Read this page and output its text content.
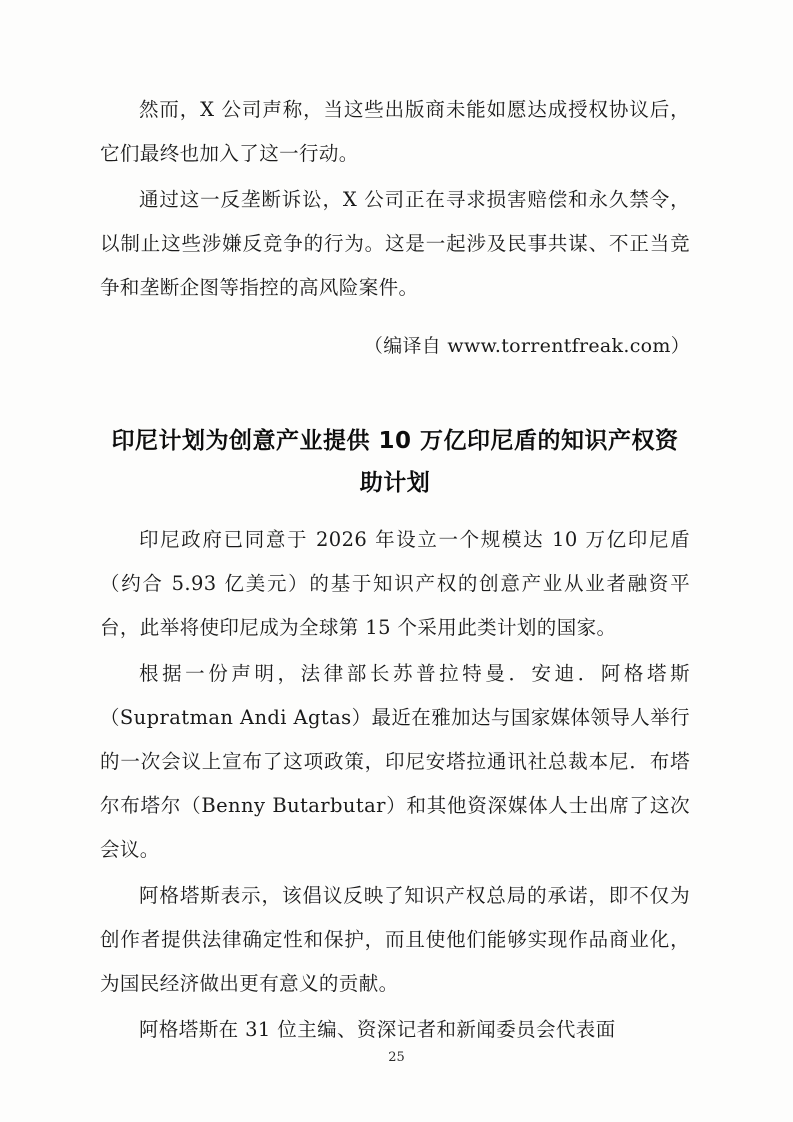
然而，X 公司声称，当这些出版商未能如愿达成授权协议后，它们最终也加入了这一行动。

通过这一反垄断诉讼，X 公司正在寻求损害赔偿和永久禁令，以制止这些涉嫌反竞争的行为。这是一起涉及民事共谋、不正当竞争和垄断企图等指控的高风险案件。

（编译自 www.torrentfreak.com）

印尼计划为创意产业提供 10 万亿印尼盾的知识产权资助计划

印尼政府已同意于 2026 年设立一个规模达 10 万亿印尼盾（约合 5.93 亿美元）的基于知识产权的创意产业从业者融资平台，此举将使印尼成为全球第 15 个采用此类计划的国家。

根据一份声明，法律部长苏普拉特曼．安迪．阿格塔斯（Supratman Andi Agtas）最近在雅加达与国家媒体领导人举行的一次会议上宣布了这项政策，印尼安塔拉通讯社总裁本尼．布塔尔布塔尔（Benny Butarbutar）和其他资深媒体人士出席了这次会议。

阿格塔斯表示，该倡议反映了知识产权总局的承诺，即不仅为创作者提供法律确定性和保护，而且使他们能够实现作品商业化，为国民经济做出更有意义的贡献。

阿格塔斯在 31 位主编、资深记者和新闻委员会代表面

25
